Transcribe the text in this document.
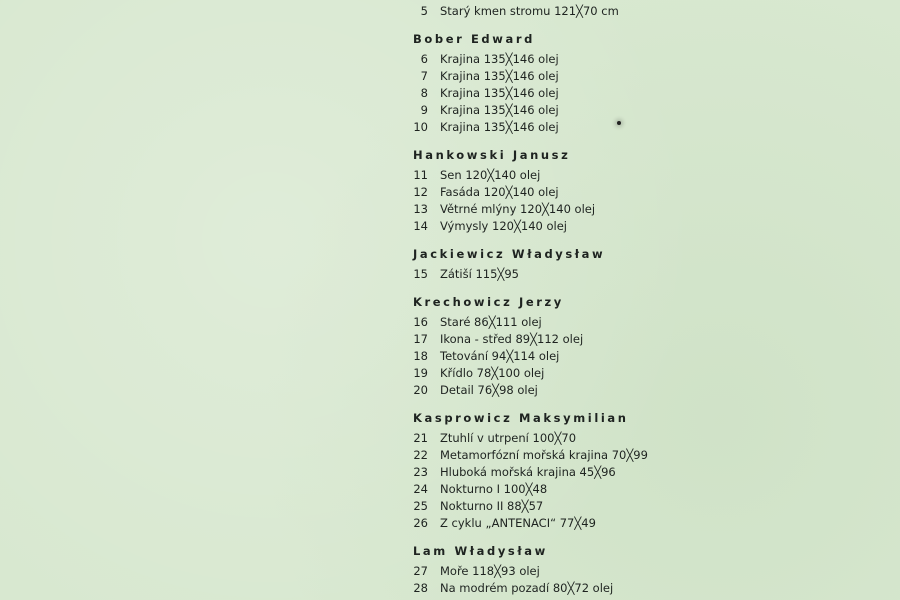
5 Starý kmen stromu 121╳70 cm
Bober Edward
6 Krajina 135╳146 olej
7 Krajina 135╳146 olej
8 Krajina 135╳146 olej
9 Krajina 135╳146 olej
10 Krajina 135╳146 olej
Hankowski Janusz
11 Sen 120╳140 olej
12 Fasáda 120╳140 olej
13 Větrné mlýny 120╳140 olej
14 Výmysly 120╳140 olej
Jackiewicz Władysław
15 Zátiší 115╳95
Krechowicz Jerzy
16 Staré 86╳111 olej
17 Ikona - střed 89╳112 olej
18 Tetování 94╳114 olej
19 Křídlo 78╳100 olej
20 Detail 76╳98 olej
Kasprowicz Maksymilian
21 Ztuhlí v utrpení 100╳70
22 Metamorfózní mořská krajina 70╳99
23 Hluboká mořská krajina 45╳96
24 Nokturno I 100╳48
25 Nokturno II 88╳57
26 Z cyklu „ANTENACI“ 77╳49
Lam Władysław
27 Moře 118╳93 olej
28 Na modrém pozadí 80╳72 olej
